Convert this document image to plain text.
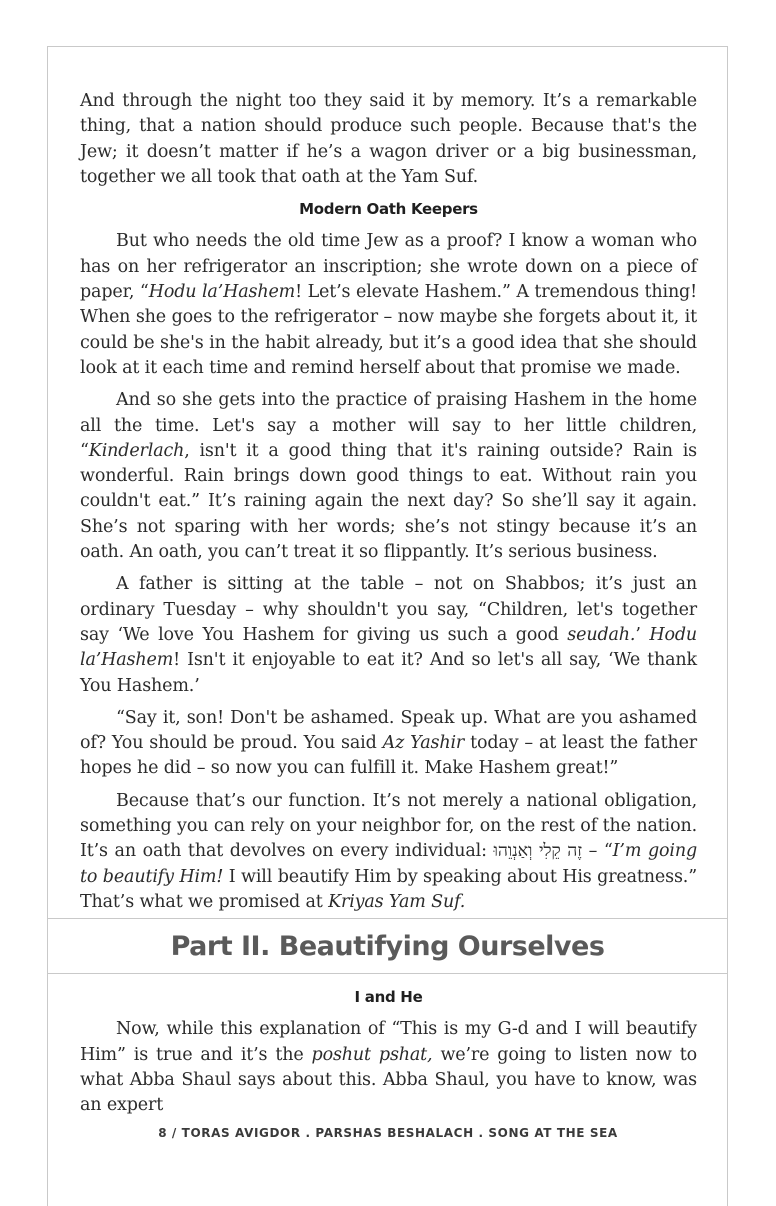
And through the night too they said it by memory. It’s a remarkable thing, that a nation should produce such people. Because that's the Jew; it doesn’t matter if he’s a wagon driver or a big businessman, together we all took that oath at the Yam Suf.

Modern Oath Keepers

But who needs the old time Jew as a proof? I know a woman who has on her refrigerator an inscription; she wrote down on a piece of paper, “Hodu la’Hashem! Let’s elevate Hashem.” A tremendous thing! When she goes to the refrigerator – now maybe she forgets about it, it could be she's in the habit already, but it’s a good idea that she should look at it each time and remind herself about that promise we made.

And so she gets into the practice of praising Hashem in the home all the time. Let's say a mother will say to her little children, “Kinderlach, isn't it a good thing that it's raining outside? Rain is wonderful. Rain brings down good things to eat. Without rain you couldn't eat.” It’s raining again the next day? So she’ll say it again. She’s not sparing with her words; she’s not stingy because it’s an oath. An oath, you can’t treat it so flippantly. It’s serious business.

A father is sitting at the table – not on Shabbos; it’s just an ordinary Tuesday – why shouldn't you say, “Children, let's together say ‘We love You Hashem for giving us such a good seudah.’ Hodu la’Hashem! Isn't it enjoyable to eat it? And so let's all say, ‘We thank You Hashem.’

“Say it, son! Don't be ashamed. Speak up. What are you ashamed of? You should be proud. You said Az Yashir today – at least the father hopes he did – so now you can fulfill it. Make Hashem great!”

Because that’s our function. It’s not merely a national obligation, something you can rely on your neighbor for, on the rest of the nation. It’s an oath that devolves on every individual: זֶה קֵלִי וְאַנְוֵהוּ – “I’m going to beautify Him! I will beautify Him by speaking about His greatness.” That’s what we promised at Kriyas Yam Suf.

Part II. Beautifying Ourselves
I and He

Now, while this explanation of “This is my G-d and I will beautify Him” is true and it’s the poshut pshat, we’re going to listen now to what Abba Shaul says about this. Abba Shaul, you have to know, was an expert

8 / TORAS AVIGDOR . PARSHAS BESHALACH . SONG AT THE SEA
